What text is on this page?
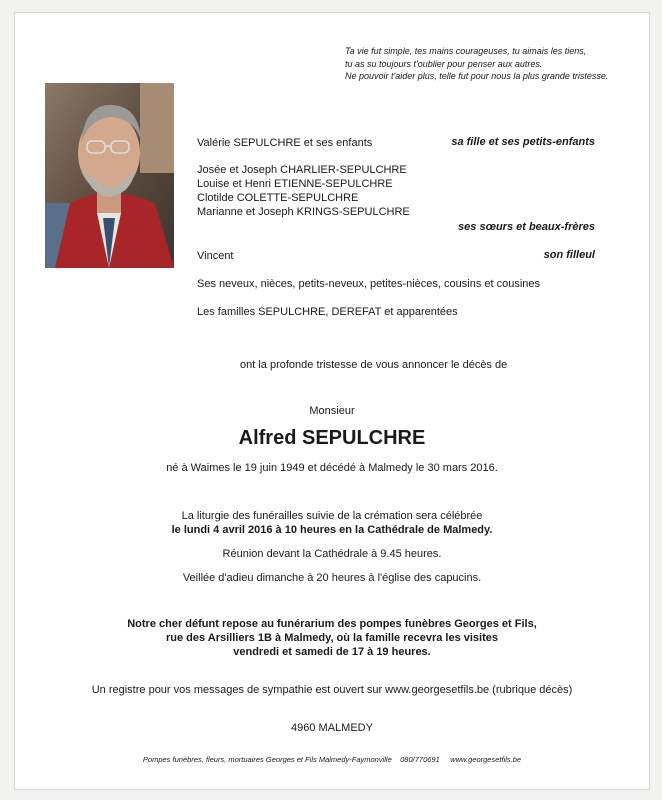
Ta vie fut simple, tes mains courageuses, tu aimais les tiens,
tu as su toujours t'oublier pour penser aux autres.
Ne pouvoir t'aider plus, telle fut pour nous la plus grande tristesse.
Valérie SEPULCHRE et ses enfants	sa fille et ses petits-enfants
Josée et Joseph CHARLIER-SEPULCHRE
Louise et Henri ETIENNE-SEPULCHRE
Clotilde COLETTE-SEPULCHRE
Marianne et Joseph KRINGS-SEPULCHRE
ses sœurs et beaux-frères
Vincent	son filleul
Ses neveux, nièces, petits-neveux, petites-nièces, cousins et cousines
Les familles SEPULCHRE, DEREFAT et apparentées
ont la profonde tristesse de vous annoncer le décès de
Monsieur
Alfred SEPULCHRE
né à Waimes le 19 juin 1949 et décédé à Malmedy le 30 mars 2016.
La liturgie des funérailles suivie de la crémation sera célébrée
le lundi 4 avril 2016 à 10 heures en la Cathédrale de Malmedy.
Réunion devant la Cathédrale à 9.45 heures.
Veillée d'adieu dimanche à 20 heures à l'église des capucins.
Notre cher défunt repose au funérarium des pompes funèbres Georges et Fils,
rue des Arsilliers 1B à Malmedy, où la famille recevra les visites
vendredi et samedi de 17 à 19 heures.
Un registre pour vos messages de sympathie est ouvert sur www.georgesetfils.be (rubrique décès)
4960 MALMEDY
Pompes funèbres, fleurs, mortuaires Georges et Fils Malmedy-Faymonville 080/770691 www.georgesetfils.be
